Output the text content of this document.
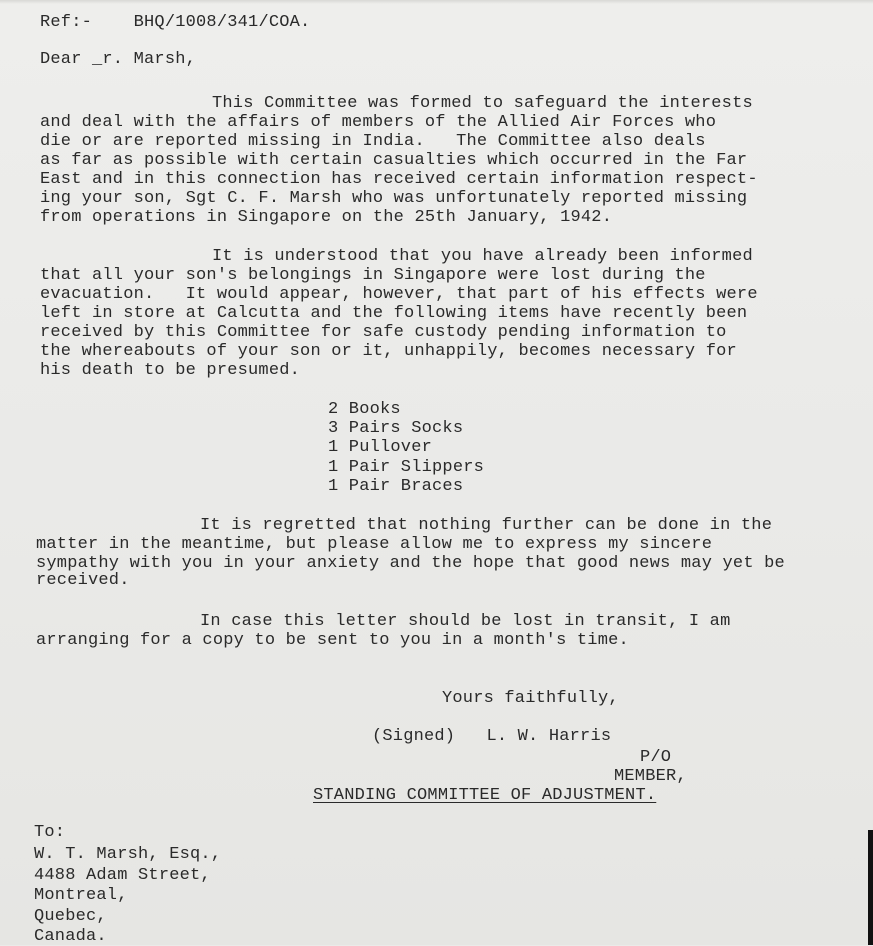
Ref:- BHQ/1008/341/COA.
Dear _r. Marsh,
This Committee was formed to safeguard the interests
and deal with the affairs of members of the Allied Air Forces who
die or are reported missing in India.   The Committee also deals
as far as possible with certain casualties which occurred in the Far
East and in this connection has received certain information respect-
ing your son, Sgt C. F. Marsh who was unfortunately reported missing
from operations in Singapore on the 25th January, 1942.
It is understood that you have already been informed
that all your son's belongings in Singapore were lost during the
evacuation.   It would appear, however, that part of his effects were
left in store at Calcutta and the following items have recently been
received by this Committee for safe custody pending information to
the whereabouts of your son or it, unhappily, becomes necessary for
his death to be presumed.
2 Books
3 Pairs Socks
1 Pullover
1 Pair Slippers
1 Pair Braces
It is regretted that nothing further can be done in the
matter in the meantime, but please allow me to express my sincere
sympathy with you in your anxiety and the hope that good news may yet be
received.
In case this letter should be lost in transit, I am
arranging for a copy to be sent to you in a month's time.
Yours faithfully,
(Signed) L. W. Harris
P/O
MEMBER,
STANDING COMMITTEE OF ADJUSTMENT.
To:
W. T. Marsh, Esq.,
4488 Adam Street,
Montreal,
Quebec,
Canada.
